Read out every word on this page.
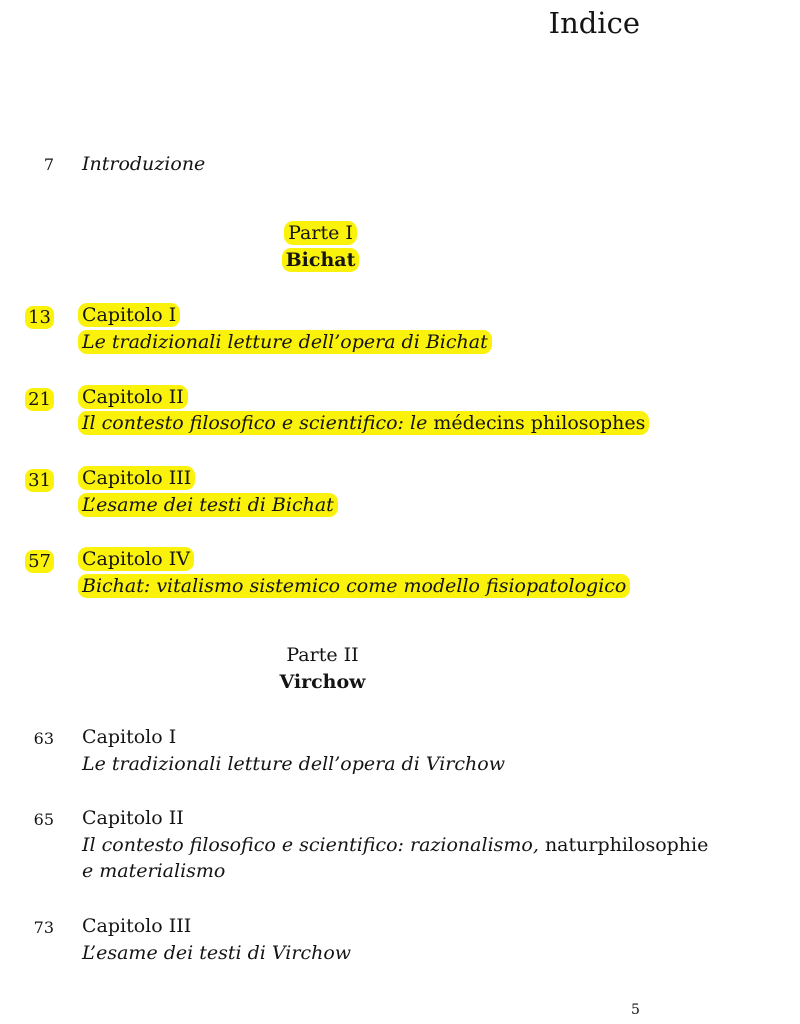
Indice
7 Introduzione
Parte I
Bichat
13 Capitolo I
Le tradizionali letture dell’opera di Bichat
21 Capitolo II
Il contesto filosofico e scientifico: le médecins philosophes
31 Capitolo III
L’esame dei testi di Bichat
57 Capitolo IV
Bichat: vitalismo sistemico come modello fisiopatologico
Parte II
Virchow
63 Capitolo I
Le tradizionali letture dell’opera di Virchow
65 Capitolo II
Il contesto filosofico e scientifico: razionalismo, naturphilosophie
e materialismo
73 Capitolo III
L’esame dei testi di Virchow
5
